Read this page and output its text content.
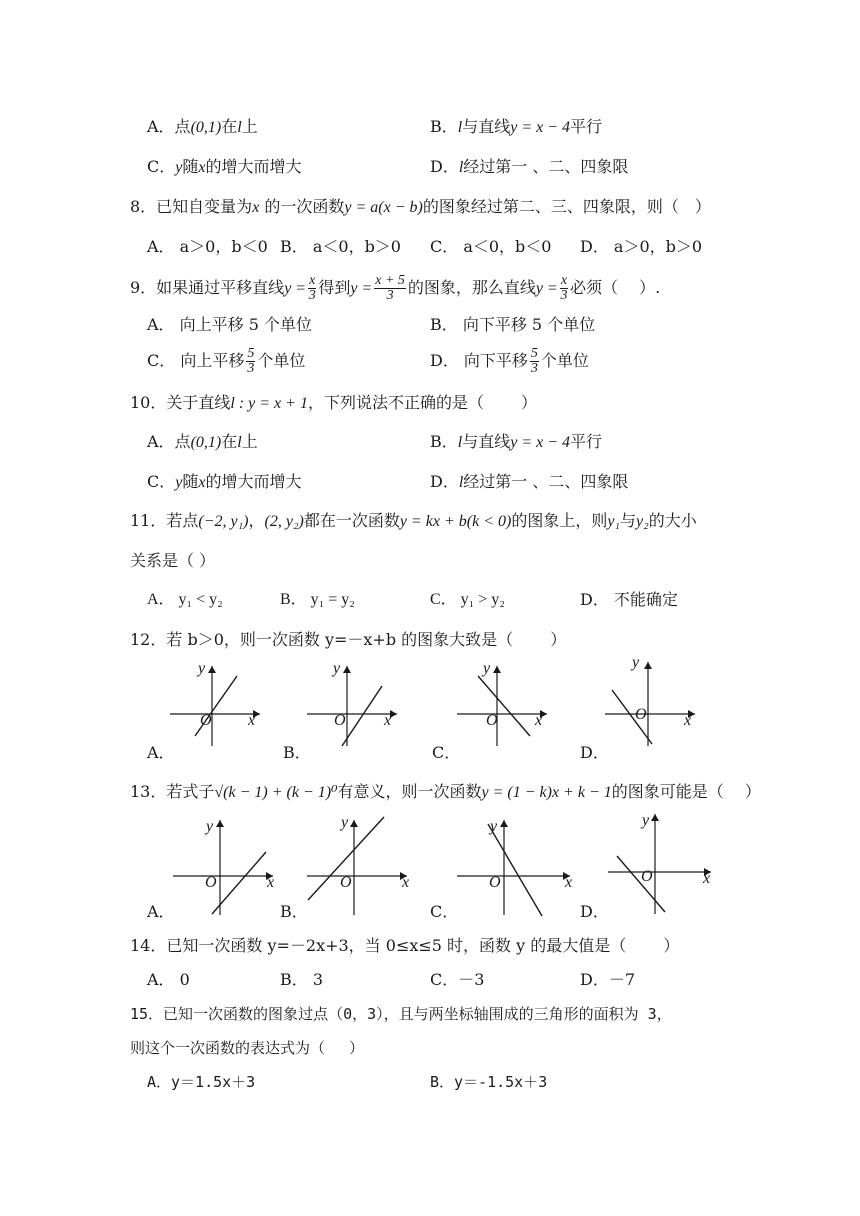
A．点(0,1)在l上	B．l与直线y = x − 4平行
C．y随x的增大而增大	D．l经过第一 、二、四象限
8．已知自变量为x 的一次函数y = a(x − b)的图象经过第二、三、四象限，则（　）
A． a＞0，b＜0 B． a＜0，b＞0 C． a＜0，b＜0 D． a＞0，b＞0
9．如果通过平移直线$y = \frac{x}{3}$ 得到$y = \frac{x + 5}{3}$ 的图象，那么直线$y = \frac{x}{3}$ 必须（　 ）.
A． 向上平移 5 个单位	B． 向下平移 5 个单位
C． 向上平移 $\frac{5}{3}$ 个单位	D． 向下平移 $\frac{5}{3}$ 个单位
10．关于直线l : y = x + 1，下列说法不正确的是（　　 ）
A．点(0,1)在l上	B．l与直线y = x − 4平行
C．y随x的增大而增大	D．l经过第一 、二、四象限
11．若点(−2, y₁)，(2, y₂)都在一次函数y = kx + b(k < 0)的图象上，则y₁与y₂的大小
关系是（ ）
A． y₁ < y₂	B． y₁ = y₂	C． y₁ > y₂	D． 不能确定
12．若 b＞0，则一次函数 y=－x+b 的图象大致是（　　 ）
y
x
O
A．
y
x
O
B．
y
x
O
C．
y
x
O
D．
13．若式子√(k − 1) + (k − 1)⁰有意义，则一次函数y = (1 − k)x + k − 1的图象可能是（　 ）
y
x
O
A．
y
x
O
B．
y
x
O
C．
y
x
O
D．
14．已知一次函数 y=－2x+3，当 0≤x≤5 时，函数 y 的最大值是（　　 ）
A． 0	B． 3	C．－3	D．－7
15．已知一次函数的图象过点（0，3），且与两坐标轴围成的三角形的面积为 3，
则这个一次函数的表达式为（　 ）
A．y＝1.5x＋3	B．y＝-1.5x＋3
